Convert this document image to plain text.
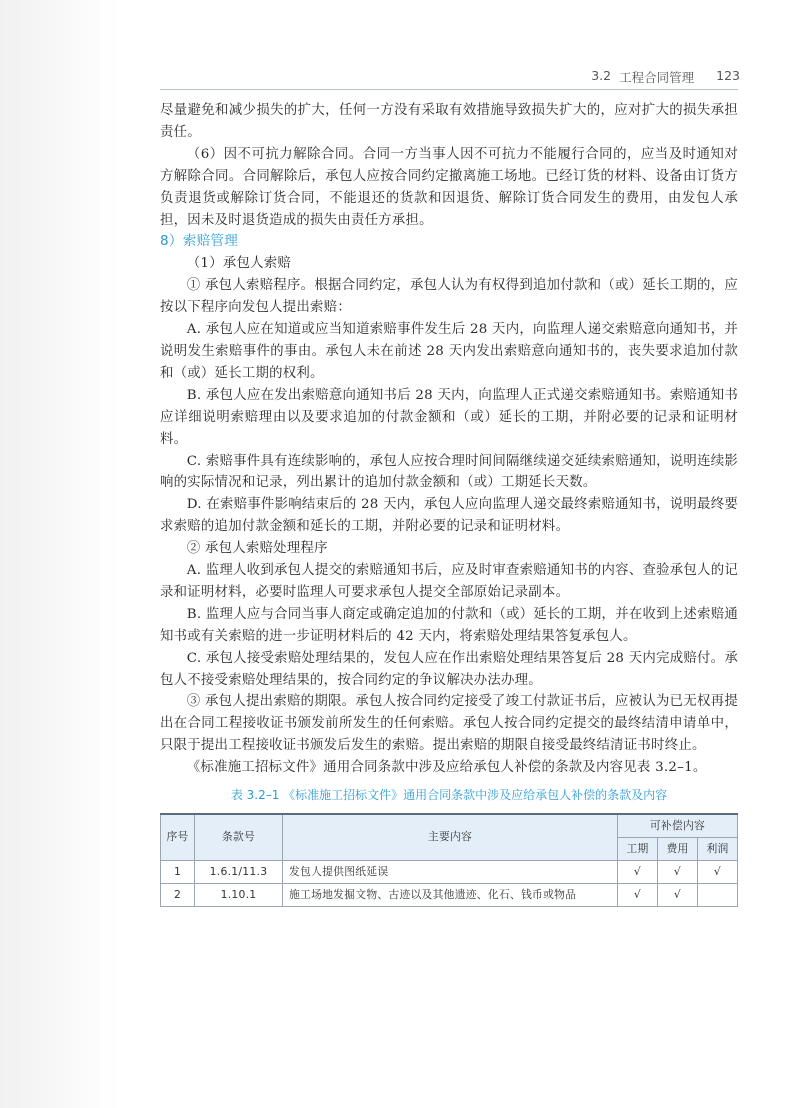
3.2 工程合同管理 123

尽量避免和减少损失的扩大，任何一方没有采取有效措施导致损失扩大的，应对扩大的损失承担责任。

（6）因不可抗力解除合同。合同一方当事人因不可抗力不能履行合同的，应当及时通知对方解除合同。合同解除后，承包人应按合同约定撤离施工场地。已经订货的材料、设备由订货方负责退货或解除订货合同，不能退还的货款和因退货、解除订货合同发生的费用，由发包人承担，因未及时退货造成的损失由责任方承担。

8）索赔管理

（1）承包人索赔

① 承包人索赔程序。根据合同约定，承包人认为有权得到追加付款和（或）延长工期的，应按以下程序向发包人提出索赔：

A. 承包人应在知道或应当知道索赔事件发生后 28 天内，向监理人递交索赔意向通知书，并说明发生索赔事件的事由。承包人未在前述 28 天内发出索赔意向通知书的，丧失要求追加付款和（或）延长工期的权利。

B. 承包人应在发出索赔意向通知书后 28 天内，向监理人正式递交索赔通知书。索赔通知书应详细说明索赔理由以及要求追加的付款金额和（或）延长的工期，并附必要的记录和证明材料。

C. 索赔事件具有连续影响的，承包人应按合理时间间隔继续递交延续索赔通知，说明连续影响的实际情况和记录，列出累计的追加付款金额和（或）工期延长天数。

D. 在索赔事件影响结束后的 28 天内，承包人应向监理人递交最终索赔通知书，说明最终要求索赔的追加付款金额和延长的工期，并附必要的记录和证明材料。

② 承包人索赔处理程序

A. 监理人收到承包人提交的索赔通知书后，应及时审查索赔通知书的内容、查验承包人的记录和证明材料，必要时监理人可要求承包人提交全部原始记录副本。

B. 监理人应与合同当事人商定或确定追加的付款和（或）延长的工期，并在收到上述索赔通知书或有关索赔的进一步证明材料后的 42 天内，将索赔处理结果答复承包人。

C. 承包人接受索赔处理结果的，发包人应在作出索赔处理结果答复后 28 天内完成赔付。承包人不接受索赔处理结果的，按合同约定的争议解决办法办理。

③ 承包人提出索赔的期限。承包人按合同约定接受了竣工付款证书后，应被认为已无权再提出在合同工程接收证书颁发前所发生的任何索赔。承包人按合同约定提交的最终结清申请单中，只限于提出工程接收证书颁发后发生的索赔。提出索赔的期限自接受最终结清证书时终止。

《标准施工招标文件》通用合同条款中涉及应给承包人补偿的条款及内容见表 3.2–1。

表 3.2–1 《标准施工招标文件》通用合同条款中涉及应给承包人补偿的条款及内容
序号	条款号	主要内容	可补偿内容		
			工期	费用	利润
1	1.6.1/11.3	发包人提供图纸延误	√	√	√
2	1.10.1	施工场地发掘文物、古迹以及其他遗迹、化石、钱币或物品	√	√	
